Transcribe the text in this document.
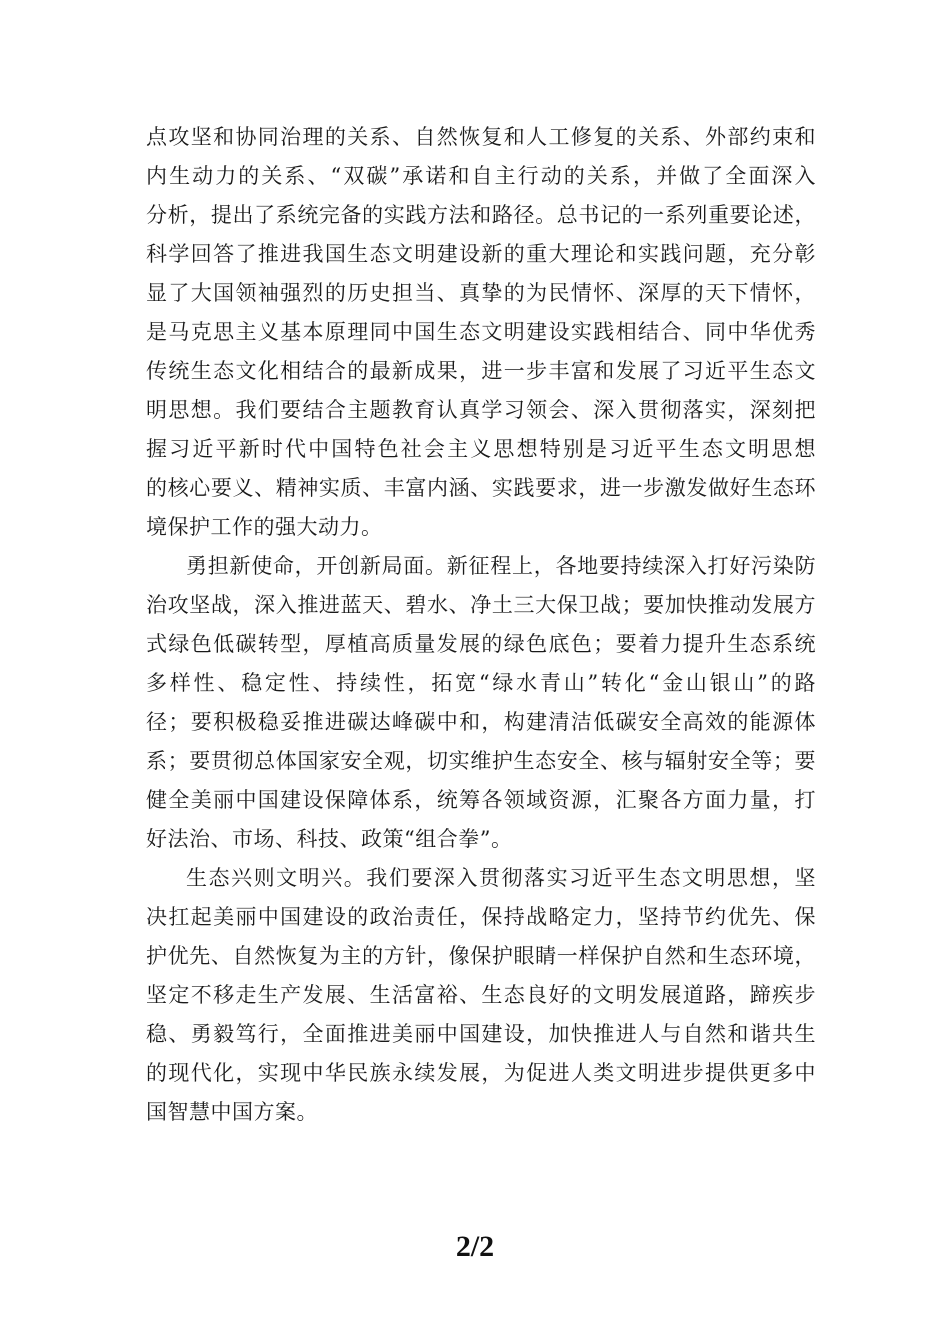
点攻坚和协同治理的关系、自然恢复和人工修复的关系、外部约束和
内生动力的关系、“双碳”承诺和自主行动的关系，并做了全面深入
分析，提出了系统完备的实践方法和路径。总书记的一系列重要论述，
科学回答了推进我国生态文明建设新的重大理论和实践问题，充分彰
显了大国领袖强烈的历史担当、真挚的为民情怀、深厚的天下情怀，
是马克思主义基本原理同中国生态文明建设实践相结合、同中华优秀
传统生态文化相结合的最新成果，进一步丰富和发展了习近平生态文
明思想。我们要结合主题教育认真学习领会、深入贯彻落实，深刻把
握习近平新时代中国特色社会主义思想特别是习近平生态文明思想
的核心要义、精神实质、丰富内涵、实践要求，进一步激发做好生态环
境保护工作的强大动力。
勇担新使命，开创新局面。新征程上，各地要持续深入打好污染防
治攻坚战，深入推进蓝天、碧水、净土三大保卫战；要加快推动发展方
式绿色低碳转型，厚植高质量发展的绿色底色；要着力提升生态系统
多样性、稳定性、持续性，拓宽“绿水青山”转化“金山银山”的路
径；要积极稳妥推进碳达峰碳中和，构建清洁低碳安全高效的能源体
系；要贯彻总体国家安全观，切实维护生态安全、核与辐射安全等；要
健全美丽中国建设保障体系，统筹各领域资源，汇聚各方面力量，打
好法治、市场、科技、政策“组合拳”。
生态兴则文明兴。我们要深入贯彻落实习近平生态文明思想，坚
决扛起美丽中国建设的政治责任，保持战略定力，坚持节约优先、保
护优先、自然恢复为主的方针，像保护眼睛一样保护自然和生态环境，
坚定不移走生产发展、生活富裕、生态良好的文明发展道路，蹄疾步
稳、勇毅笃行，全面推进美丽中国建设，加快推进人与自然和谐共生
的现代化，实现中华民族永续发展，为促进人类文明进步提供更多中
国智慧中国方案。
2/2
